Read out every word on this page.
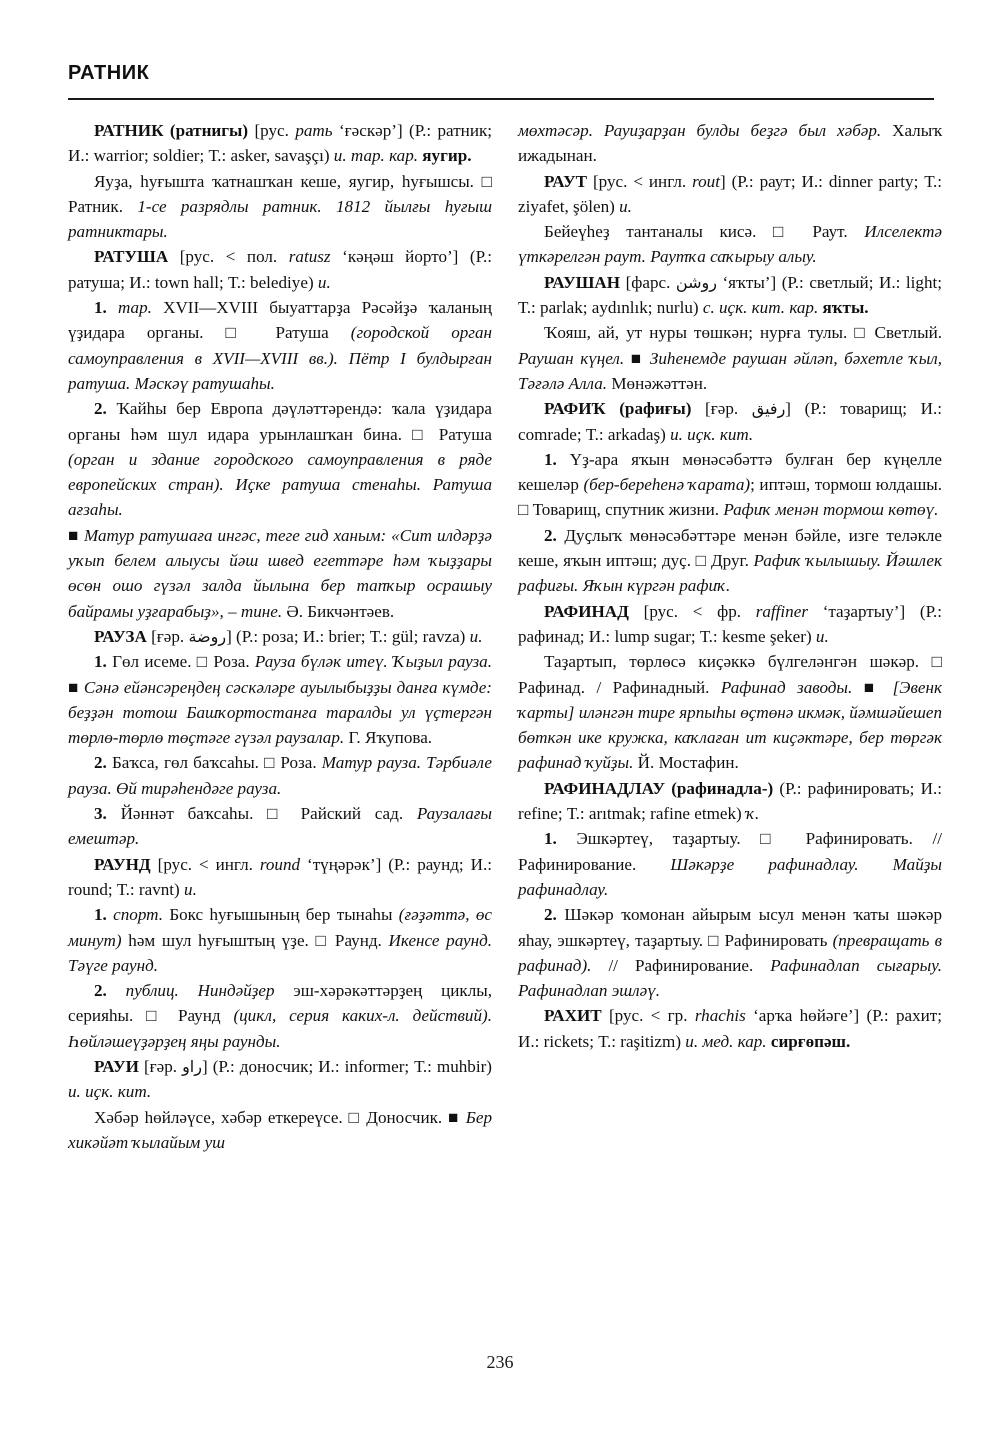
РАТНИК

РАТНИК (ратнигы) [рус. рать ‘ғәскәр’] (Р.: ратник; И.: warrior; soldier; Т.: asker, savaşçı) и. тар. кар. яугир.

Яуҙа, һуғышта ҡатнашҡан кеше, яугир, һуғышсы. □ Ратник. 1-се разрядлы ратник. 1812 йылғы һуғыш ратниктары.

РАТУША [рус. < пол. ratusz ‘кәңәш йорто’] (Р.: ратуша; И.: town hall; Т.: belediye) и.

1. тар. XVII—XVIII быуаттарҙа Рәсәйҙә ҡаланың үҙидара органы. □ Ратуша (городской орган самоуправления в XVII—XVIII вв.). Пётр I булдырған ратуша. Мәскәү ратушаһы.

2. Ҡайһы бер Европа дәүләттәрендә: ҡала үҙидара органы һәм шул идара урынлашҡан бина. □ Ратуша (орган и здание городского самоуправления в ряде европейских стран). Иҫке ратуша стенаһы. Ратуша ағзаһы.

■ Матур ратушаға ингәс, теге гид ханым: «Сит илдәрҙә уҡып белем алыусы йәш швед егеттәре һәм ҡыҙҙары өсөн ошо гүзәл залда йылына бер тапҡыр осрашыу байрамы уҙғарабыҙ», – тине. Ә. Бикчәнтәев.

РАУЗА [ғәр. روضة] (Р.: роза; И.: brier; Т.: gül; ravza) и.

1. Гөл исеме. □ Роза. Рауза бүләк итеү. Ҡыҙыл рауза. ■ Сәнә ейәнсәреңдең сәскәләре ауылыбыҙҙы данға күмде: беҙҙән тотош Башҡортостанға таралды ул үҫтергән төрлө-төрлө төҫтәге гүзәл раузалар. Г. Яҡупова.

2. Баҡса, гөл баҡсаһы. □ Роза. Матур рауза. Тәрбиәле рауза. Өй тирәһендәге рауза.

3. Йәннәт баҡсаһы. □ Райский сад. Раузалағы емештәр.

РАУНД [рус. < ингл. round ‘түңәрәк’] (Р.: раунд; И.: round; Т.: ravnt) и.

1. спорт. Бокс һуғышының бер тынаһы (ғәҙәттә, өс минут) һәм шул һуғыштың үҙе. □ Раунд. Икенсе раунд. Тәүге раунд.

2. публиц. Ниндәйҙер эш-хәрәкәттәрҙең циклы, серияһы. □ Раунд (цикл, серия каких-л. действий). Һөйләшеүҙәрҙең яңы раунды.

РАУИ [ғәр. راو] (Р.: доносчик; И.: informer; Т.: muhbir) и. иҫк. кит.

Хәбәр һөйләүсе, хәбәр еткереүсе. □ Доносчик. ■ Бер хикәйәт ҡылайым уш

мөхтәсәр. Рауиҙарҙан булды беҙгә был хәбәр. Халыҡ ижадынан.

РАУТ [рус. < ингл. rout] (Р.: раут; И.: dinner party; Т.: ziyafet, şölen) и.

Бейеүһеҙ тантаналы кисә. □ Раут. Илселектә үткәрелгән раут. Раутҡа саҡырыу алыу.

РАУШАН [фарс. روشن ‘яҡты’] (Р.: светлый; И.: light; Т.: parlak; aydınlık; nurlu) с. иҫк. кит. кар. яҡты.

Ҡояш, ай, ут нуры төшкән; нурға тулы. □ Светлый. Раушан күңел. ■ Зиһенемде раушан әйләп, бәхетле ҡыл, Тәғәлә Алла. Мөнәжәттән.

РАФИҠ (рафиғы) [ғәр. رفيق] (Р.: товарищ; И.: comrade; Т.: arkadaş) и. иҫк. кит.

1. Үҙ-ара яҡын мөнәсәбәттә булған бер күңелле кешеләр (бер-береһенә ҡарата); иптәш, тормош юлдашы. □ Товарищ, спутник жизни. Рафиҡ менән тормош көтөү.

2. Дуҫлыҡ мөнәсәбәттәре менән бәйле, изге теләкле кеше, яҡын иптәш; дуҫ. □ Друг. Рафиҡ ҡылышыу. Йәшлек рафиғы. Яҡын күргән рафиҡ.

РАФИНАД [рус. < фр. raffiner ‘таҙартыу’] (Р.: рафинад; И.: lump sugar; Т.: kesme şeker) и.

Таҙартып, төрлөсә киҫәккә бүлгеләнгән шәкәр. □ Рафинад. / Рафинадный. Рафинад заводы. ■ [Эвенк ҡарты] иләнгән тире ярпыһы өҫтөнә икмәк, йәмшәйешеп бөткән ике кружка, каҡлаған ит киҫәктәре, бер төргәк рафинад ҡуйҙы. Й. Мостафин.

РАФИНАДЛАУ (рафинадла-) (Р.: рафинировать; И.: refine; Т.: arıtmak; rafine etmek) ҡ.

1. Эшкәртеү, таҙартыу. □ Рафинировать. // Рафинирование. Шәкәрҙе рафинадлау. Майҙы рафинадлау.

2. Шәкәр ҡомонан айырым ысул менән ҡаты шәкәр яһау, эшкәртеү, таҙартыу. □ Рафинировать (превращать в рафинад). // Рафинирование. Рафинадлап сығарыу. Рафинадлап эшләү.

РАХИТ [рус. < гр. rhachis ‘арҡа һөйәге’] (Р.: рахит; И.: rickets; Т.: raşitizm) и. мед. кар. сирғөпәш.

236
